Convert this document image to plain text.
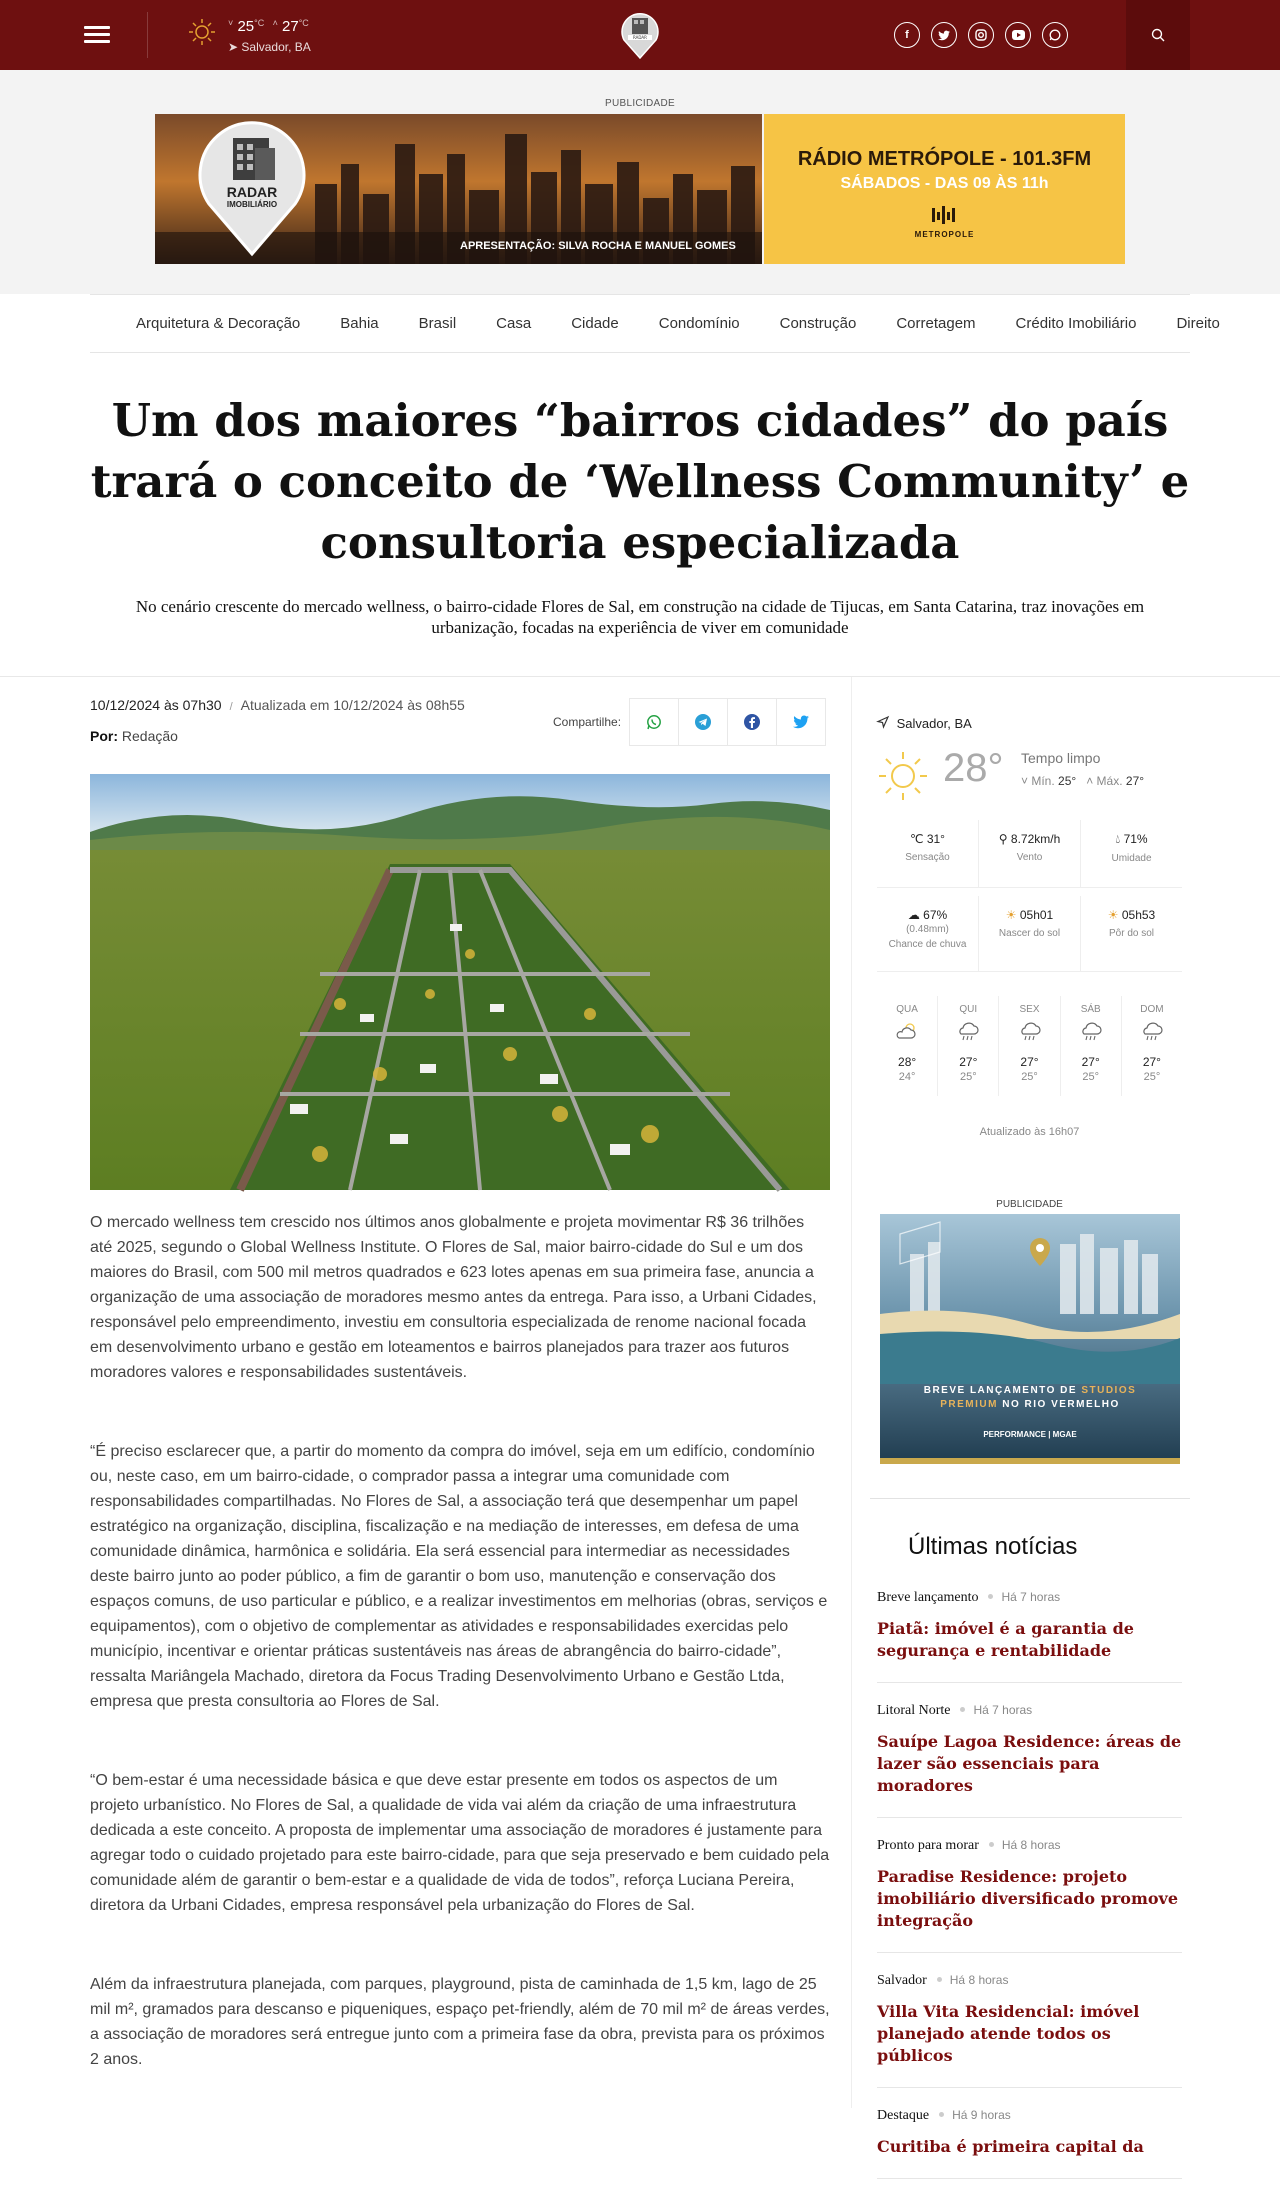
˅ $25^{^\circ C}$ ˄ $27^{^\circ C}$
➤ Salvador, BA
RADAR	f
PUBLICIDADE
RADAR
IMOBILIÁRIO
APRESENTAÇÃO: SILVA ROCHA E MANUEL GOMES
RÁDIO METRÓPOLE - 101.3FM
SÁBADOS - DAS 09 ÀS 11h
METROPOLE
Arquitetura & Decoração	Bahia	Brasil	Casa	Cidade	Condomínio	Construção	Corretagem	Crédito Imobiliário	Direito
Um dos maiores “bairros cidades” do país trará o conceito de ‘Wellness Community’ e consultoria especializada

No cenário crescente do mercado wellness, o bairro-cidade Flores de Sal, em construção na cidade de Tijucas, em Santa Catarina, traz inovações em urbanização, focadas na experiência de viver em comunidade

10/12/2024 às 07h30 / Atualizada em 10/12/2024 às 08h55
Por: Redação
Compartilhe:

O mercado wellness tem crescido nos últimos anos globalmente e projeta movimentar R$ 36 trilhões até 2025, segundo o Global Wellness Institute. O Flores de Sal, maior bairro-cidade do Sul e um dos maiores do Brasil, com 500 mil metros quadrados e 623 lotes apenas em sua primeira fase, anuncia a organização de uma associação de moradores mesmo antes da entrega. Para isso, a Urbani Cidades, responsável pelo empreendimento, investiu em consultoria especializada de renome nacional focada em desenvolvimento urbano e gestão em loteamentos e bairros planejados para trazer aos futuros moradores valores e responsabilidades sustentáveis.

“É preciso esclarecer que, a partir do momento da compra do imóvel, seja em um edifício, condomínio ou, neste caso, em um bairro-cidade, o comprador passa a integrar uma comunidade com responsabilidades compartilhadas. No Flores de Sal, a associação terá que desempenhar um papel estratégico na organização, disciplina, fiscalização e na mediação de interesses, em defesa de uma comunidade dinâmica, harmônica e solidária. Ela será essencial para intermediar as necessidades deste bairro junto ao poder público, a fim de garantir o bom uso, manutenção e conservação dos espaços comuns, de uso particular e público, e a realizar investimentos em melhorias (obras, serviços e equipamentos), com o objetivo de complementar as atividades e responsabilidades exercidas pelo município, incentivar e orientar práticas sustentáveis nas áreas de abrangência do bairro-cidade”, ressalta Mariângela Machado, diretora da Focus Trading Desenvolvimento Urbano e Gestão Ltda, empresa que presta consultoria ao Flores de Sal.

“O bem-estar é uma necessidade básica e que deve estar presente em todos os aspectos de um projeto urbanístico. No Flores de Sal, a qualidade de vida vai além da criação de uma infraestrutura dedicada a este conceito. A proposta de implementar uma associação de moradores é justamente para agregar todo o cuidado projetado para este bairro-cidade, para que seja preservado e bem cuidado pela comunidade além de garantir o bem-estar e a qualidade de vida de todos”, reforça Luciana Pereira, diretora da Urbani Cidades, empresa responsável pela urbanização do Flores de Sal.

Além da infraestrutura planejada, com parques, playground, pista de caminhada de 1,5 km, lago de 25 mil m², gramados para descanso e piqueniques, espaço pet-friendly, além de 70 mil m² de áreas verdes, a associação de moradores será entregue junto com a primeira fase da obra, prevista para os próximos 2 anos.

Salvador, BA
28° Tempo limpo
˅ Mín. 25°   ˄ Máx. 27°
℃ 31°
Sensação
⚲ 8.72km/h
Vento
💧︎ 71%
Umidade
☁ 67%
(0.48mm)
Chance de chuva
☀ 05h01
Nascer do sol
☀ 05h53
Pôr do sol
QUA
28°
24°
QUI
27°
25°
SEX
27°
25°
SÁB
27°
25°
DOM
27°
25°
Atualizado às 16h07
PUBLICIDADE
BREVE LANÇAMENTO DE STUDIOS
PREMIUM NO RIO VERMELHO
PERFORMANCE | MGAE
Últimas notícias
Breve lançamento Há 7 horas
Piatã: imóvel é a garantia de segurança e rentabilidade
Litoral Norte Há 7 horas
Sauípe Lagoa Residence: áreas de lazer são essenciais para moradores
Pronto para morar Há 8 horas
Paradise Residence: projeto imobiliário diversificado promove integração
Salvador Há 8 horas
Villa Vita Residencial: imóvel planejado atende todos os públicos
Destaque Há 9 horas
Curitiba é primeira capital da
